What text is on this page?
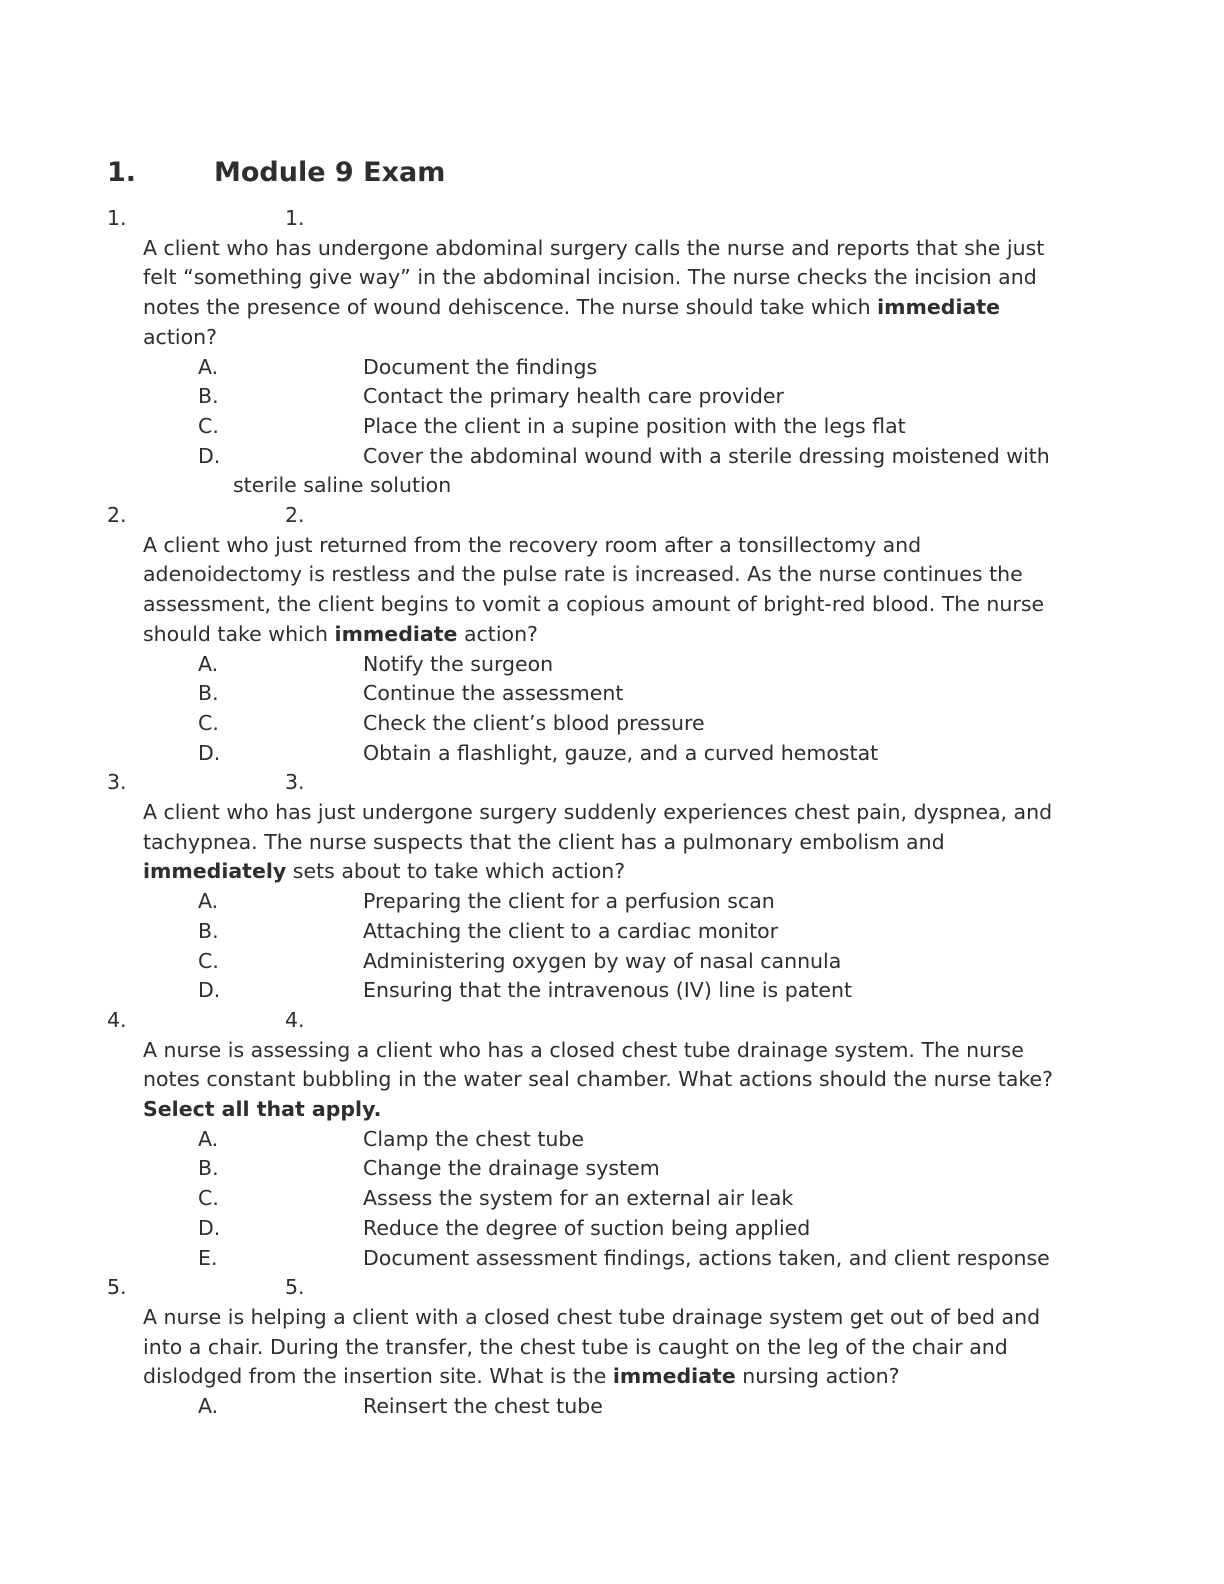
1.	Module 9 Exam
1.	1.
A client who has undergone abdominal surgery calls the nurse and reports that she just felt “something give way” in the abdominal incision. The nurse checks the incision and notes the presence of wound dehiscence. The nurse should take which immediate action?
A.	Document the findings
B.	Contact the primary health care provider
C.	Place the client in a supine position with the legs flat
D.	Cover the abdominal wound with a sterile dressing moistened with sterile saline solution
2.	2.
A client who just returned from the recovery room after a tonsillectomy and adenoidectomy is restless and the pulse rate is increased. As the nurse continues the assessment, the client begins to vomit a copious amount of bright-red blood. The nurse should take which immediate action?
A.	Notify the surgeon
B.	Continue the assessment
C.	Check the client’s blood pressure
D.	Obtain a flashlight, gauze, and a curved hemostat
3.	3.
A client who has just undergone surgery suddenly experiences chest pain, dyspnea, and tachypnea. The nurse suspects that the client has a pulmonary embolism and immediately sets about to take which action?
A.	Preparing the client for a perfusion scan
B.	Attaching the client to a cardiac monitor
C.	Administering oxygen by way of nasal cannula
D.	Ensuring that the intravenous (IV) line is patent
4.	4.
A nurse is assessing a client who has a closed chest tube drainage system. The nurse notes constant bubbling in the water seal chamber. What actions should the nurse take? Select all that apply.
A.	Clamp the chest tube
B.	Change the drainage system
C.	Assess the system for an external air leak
D.	Reduce the degree of suction being applied
E.	Document assessment findings, actions taken, and client response
5.	5.
A nurse is helping a client with a closed chest tube drainage system get out of bed and into a chair. During the transfer, the chest tube is caught on the leg of the chair and dislodged from the insertion site. What is the immediate nursing action?
A.	Reinsert the chest tube
